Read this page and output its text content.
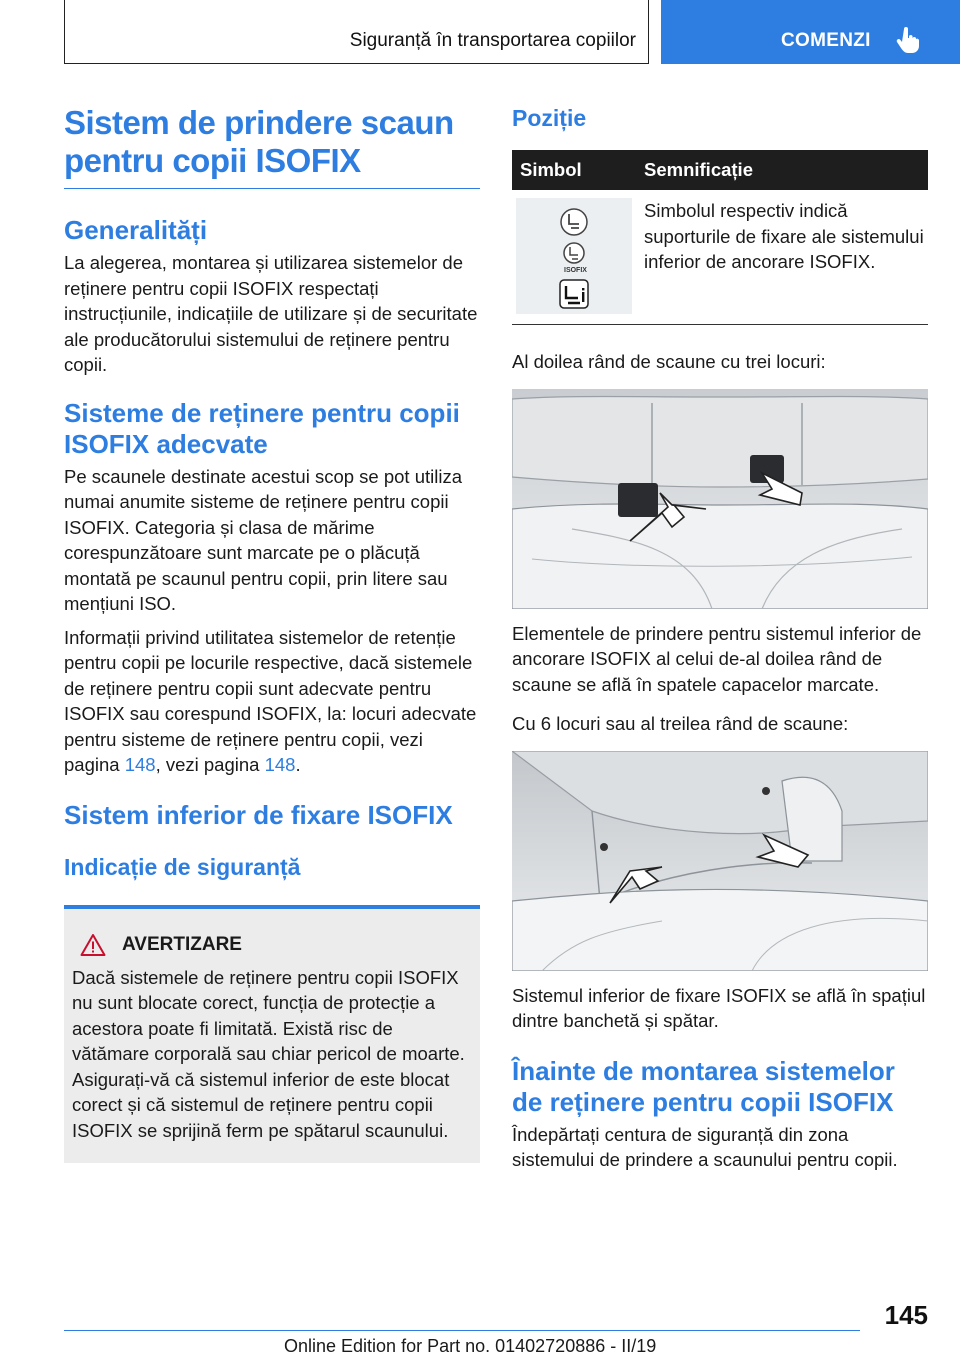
Siguranță în transportarea copiilor	COMENZI
Sistem de prindere scaun
pentru copii ISOFIX
Generalități

La alegerea, montarea și utilizarea sistemelor de reținere pentru copii ISOFIX respectați instrucțiunile, indicațiile de utilizare și de securitate ale producătorului sistemului de reținere pentru copii.

Sisteme de reținere pentru copii
ISOFIX adecvate

Pe scaunele destinate acestui scop se pot utiliza numai anumite sisteme de reținere pentru copii ISOFIX. Categoria și clasa de mărime corespunzătoare sunt marcate pe o plăcuță montată pe scaunul pentru copii, prin litere sau mențiuni ISO.

Informații privind utilitatea sistemelor de retenție pentru copii pe locurile respective, dacă sistemele de reținere pentru copii sunt adecvate pentru ISOFIX sau corespund ISOFIX, la: locuri adecvate pentru sisteme de reținere pentru copii, vezi pagina 148, vezi pagina 148.

Sistem inferior de fixare ISOFIX
Indicație de siguranță
AVERTIZARE

Dacă sistemele de reținere pentru copii ISOFIX nu sunt blocate corect, funcția de protecție a acestora poate fi limitată. Există risc de vătămare corporală sau chiar pericol de moarte. Asigurați-vă că sistemul inferior de este blocat corect și că sistemul de reținere pentru copii ISOFIX se sprijină ferm pe spătarul scaunului.

Poziție
Simbol	Semnificație

ISOFIX	Simbolul respectiv indică suporturile de fixare ale sistemului inferior de ancorare ISOFIX.

Al doilea rând de scaune cu trei locuri:

Elementele de prindere pentru sistemul inferior de ancorare ISOFIX al celui de-al doilea rând de scaune se află în spatele capacelor marcate.

Cu 6 locuri sau al treilea rând de scaune:

Sistemul inferior de fixare ISOFIX se află în spațiul dintre banchetă și spătar.

Înainte de montarea sistemelor
de reținere pentru copii ISOFIX

Îndepărtați centura de siguranță din zona sistemului de prindere a scaunului pentru copii.

145
Online Edition for Part no. 01402720886 - II/19
